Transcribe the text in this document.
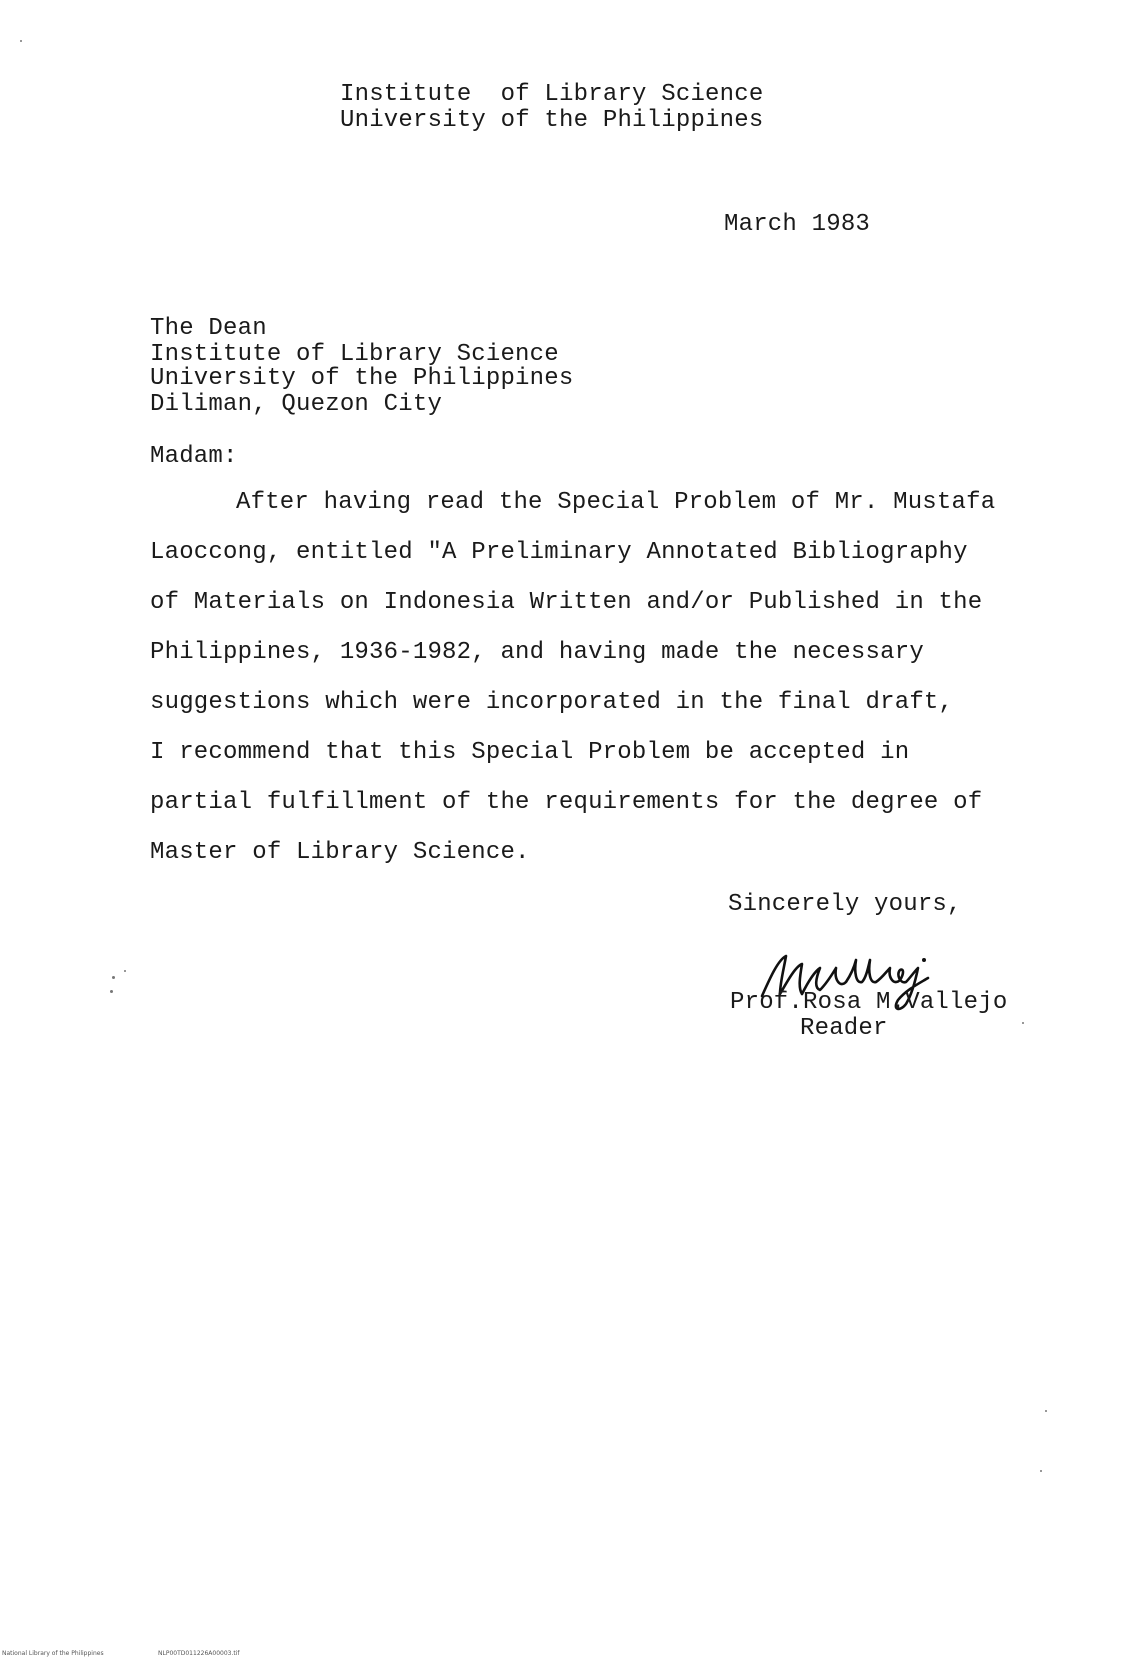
Institute  of Library Science
University of the Philippines
March 1983
The Dean
Institute of Library Science
University of the Philippines
Diliman, Quezon City
Madam:
After having read the Special Problem of Mr. Mustafa
Laoccong, entitled "A Preliminary Annotated Bibliography
of Materials on Indonesia Written and/or Published in the
Philippines, 1936-1982, and having made the necessary
suggestions which were incorporated in the final draft,
I recommend that this Special Problem be accepted in
partial fulfillment of the requirements for the degree of
Master of Library Science.
Sincerely yours,
Prof.Rosa M.Vallejo
Reader
National Library of the Philippines	NLP00TD011226A00003.tif
